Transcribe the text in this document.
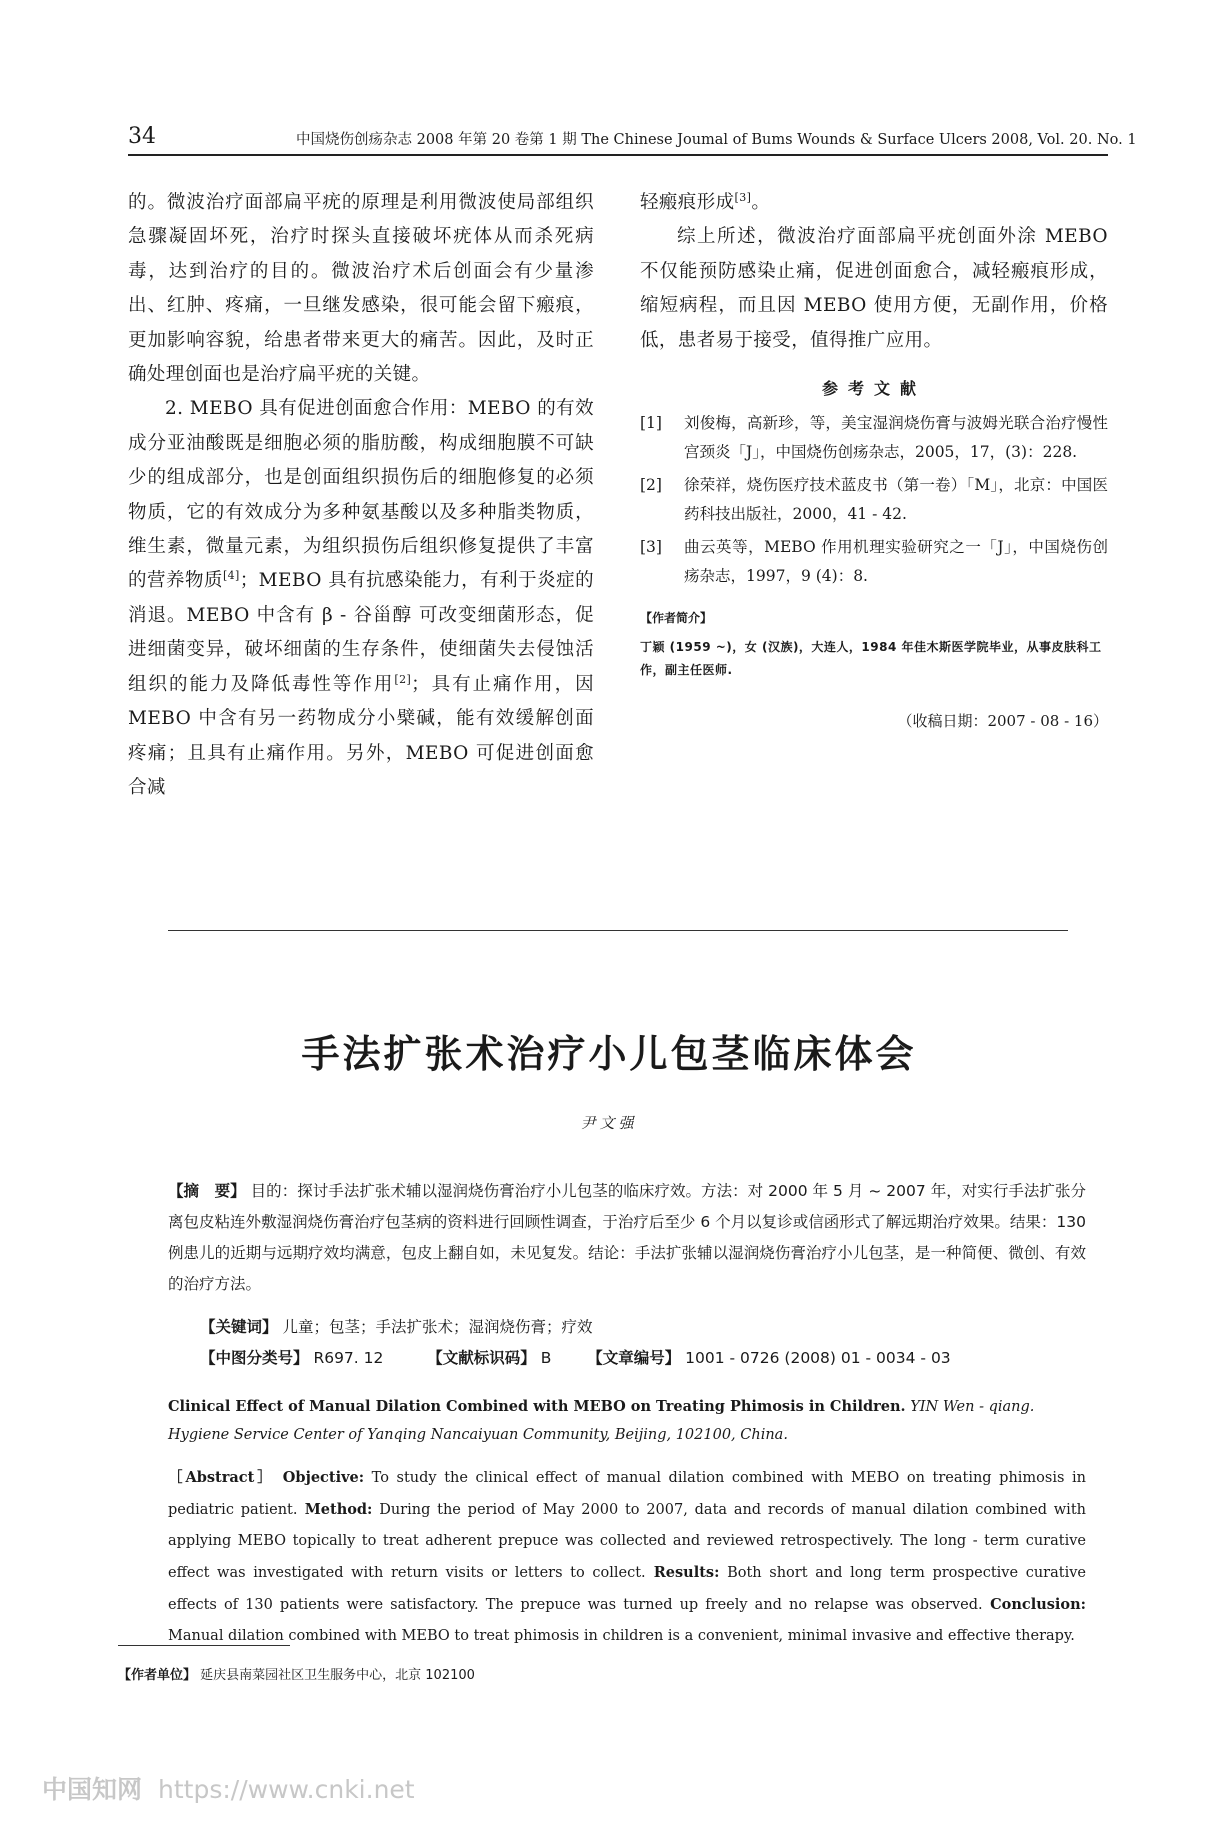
34	中国烧伤创疡杂志 2008 年第 20 卷第 1 期 The Chinese Joumal of Bums Wounds & Surface Ulcers 2008, Vol. 20. No. 1

的。微波治疗面部扁平疣的原理是利用微波使局部组织急骤凝固坏死，治疗时探头直接破坏疣体从而杀死病毒，达到治疗的目的。微波治疗术后创面会有少量渗出、红肿、疼痛，一旦继发感染，很可能会留下瘢痕，更加影响容貌，给患者带来更大的痛苦。因此，及时正确处理创面也是治疗扁平疣的关键。

2. MEBO 具有促进创面愈合作用：MEBO 的有效成分亚油酸既是细胞必须的脂肪酸，构成细胞膜不可缺少的组成部分，也是创面组织损伤后的细胞修复的必须物质，它的有效成分为多种氨基酸以及多种脂类物质，维生素，微量元素，为组织损伤后组织修复提供了丰富的营养物质[4]；MEBO 具有抗感染能力，有利于炎症的消退。MEBO 中含有 β - 谷甾醇 可改变细菌形态，促进细菌变异，破坏细菌的生存条件，使细菌失去侵蚀活组织的能力及降低毒性等作用[2]；具有止痛作用，因 MEBO 中含有另一药物成分小檗碱，能有效缓解创面疼痛；且具有止痛作用。另外，MEBO 可促进创面愈合减

轻瘢痕形成[3]。

综上所述，微波治疗面部扁平疣创面外涂 MEBO 不仅能预防感染止痛，促进创面愈合，减轻瘢痕形成，缩短病程，而且因 MEBO 使用方便，无副作用，价格低，患者易于接受，值得推广应用。

参考文献
[1]	刘俊梅，高新珍，等，美宝湿润烧伤膏与波姆光联合治疗慢性宫颈炎「J」，中国烧伤创疡杂志，2005，17，(3)：228.
[2]	徐荣祥，烧伤医疗技术蓝皮书（第一卷）「M」，北京：中国医药科技出版社，2000，41 - 42.
[3]	曲云英等，MEBO 作用机理实验研究之一「J」，中国烧伤创疡杂志，1997，9 (4)：8.
【作者简介】
丁颖 (1959 ~)，女 (汉族)，大连人，1984 年佳木斯医学院毕业，从事皮肤科工作，副主任医师.
（收稿日期：2007 - 08 - 16）
手法扩张术治疗小儿包茎临床体会
尹文强
【摘　要】 目的：探讨手法扩张术辅以湿润烧伤膏治疗小儿包茎的临床疗效。方法：对 2000 年 5 月 ~ 2007 年，对实行手法扩张分离包皮粘连外敷湿润烧伤膏治疗包茎病的资料进行回顾性调查，于治疗后至少 6 个月以复诊或信函形式了解远期治疗效果。结果：130 例患儿的近期与远期疗效均满意，包皮上翻自如，未见复发。结论：手法扩张辅以湿润烧伤膏治疗小儿包茎，是一种简便、微创、有效的治疗方法。
【关键词】 儿童；包茎；手法扩张术；湿润烧伤膏；疗效
【中图分类号】 R697. 12	【文献标识码】 B 【文章编号】 1001 - 0726 (2008) 01 - 0034 - 03
Clinical Effect of Manual Dilation Combined with MEBO on Treating Phimosis in Children. YIN Wen - qiang. Hygiene Service Center of Yanqing Nancaiyuan Community, Beijing, 102100, China.
［Abstract］ Objective: To study the clinical effect of manual dilation combined with MEBO on treating phimosis in pediatric patient. Method: During the period of May 2000 to 2007, data and records of manual dilation combined with applying MEBO topically to treat adherent prepuce was collected and reviewed retrospectively. The long - term curative effect was investigated with return visits or letters to collect. Results: Both short and long term prospective curative effects of 130 patients were satisfactory. The prepuce was turned up freely and no relapse was observed. Conclusion: Manual dilation combined with MEBO to treat phimosis in children is a convenient, minimal invasive and effective therapy.
【作者单位】 延庆县南菜园社区卫生服务中心，北京 102100
中国知网 https://www.cnki.net
